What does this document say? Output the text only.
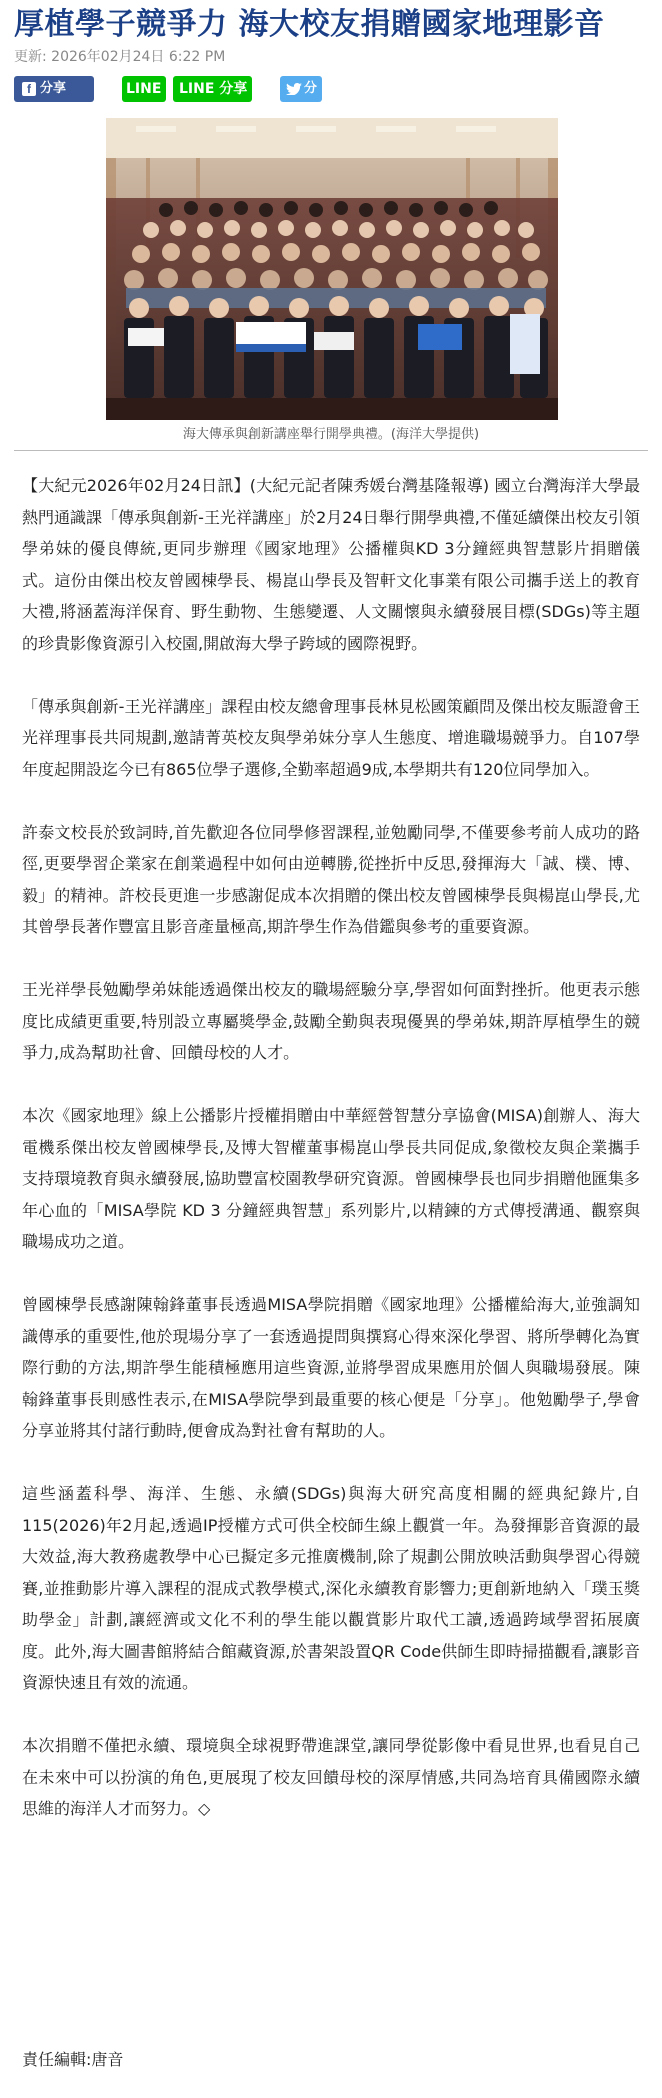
厚植學子競爭力 海大校友捐贈國家地理影音
更新: 2026年02月24日 6:22 PM
f 分享	LINE LINE 分享	分
海大傳承與創新講座舉行開學典禮。(海洋大學提供)

【大紀元2026年02月24日訊】(大紀元記者陳秀媛台灣基隆報導) 國立台灣海洋大學最熱門通識課「傳承與創新-王光祥講座」於2月24日舉行開學典禮,不僅延續傑出校友引領學弟妹的優良傳統,更同步辦理《國家地理》公播權與KD 3分鐘經典智慧影片捐贈儀式。這份由傑出校友曾國棟學長、楊崑山學長及智軒文化事業有限公司攜手送上的教育大禮,將涵蓋海洋保育、野生動物、生態變遷、人文關懷與永續發展目標(SDGs)等主題的珍貴影像資源引入校園,開啟海大學子跨域的國際視野。

「傳承與創新-王光祥講座」課程由校友總會理事長林見松國策顧問及傑出校友賑證會王光祥理事長共同規劃,邀請菁英校友與學弟妹分享人生態度、增進職場競爭力。自107學年度起開設迄今已有865位學子選修,全勤率超過9成,本學期共有120位同學加入。

許泰文校長於致詞時,首先歡迎各位同學修習課程,並勉勵同學,不僅要參考前人成功的路徑,更要學習企業家在創業過程中如何由逆轉勝,從挫折中反思,發揮海大「誠、樸、博、毅」的精神。許校長更進一步感謝促成本次捐贈的傑出校友曾國棟學長與楊崑山學長,尤其曾學長著作豐富且影音產量極高,期許學生作為借鑑與參考的重要資源。

王光祥學長勉勵學弟妹能透過傑出校友的職場經驗分享,學習如何面對挫折。他更表示態度比成績更重要,特別設立專屬獎學金,鼓勵全勤與表現優異的學弟妹,期許厚植學生的競爭力,成為幫助社會、回饋母校的人才。

本次《國家地理》線上公播影片授權捐贈由中華經營智慧分享協會(MISA)創辦人、海大電機系傑出校友曾國棟學長,及博大智權董事楊崑山學長共同促成,象徵校友與企業攜手支持環境教育與永續發展,協助豐富校園教學研究資源。曾國棟學長也同步捐贈他匯集多年心血的「MISA學院 KD 3 分鐘經典智慧」系列影片,以精鍊的方式傳授溝通、觀察與職場成功之道。

曾國棟學長感謝陳翰鋒董事長透過MISA學院捐贈《國家地理》公播權給海大,並強調知識傳承的重要性,他於現場分享了一套透過提問與撰寫心得來深化學習、將所學轉化為實際行動的方法,期許學生能積極應用這些資源,並將學習成果應用於個人與職場發展。陳翰鋒董事長則感性表示,在MISA學院學到最重要的核心便是「分享」。他勉勵學子,學會分享並將其付諸行動時,便會成為對社會有幫助的人。

這些涵蓋科學、海洋、生態、永續(SDGs)與海大研究高度相關的經典紀錄片,自115(2026)年2月起,透過IP授權方式可供全校師生線上觀賞一年。為發揮影音資源的最大效益,海大教務處教學中心已擬定多元推廣機制,除了規劃公開放映活動與學習心得競賽,並推動影片導入課程的混成式教學模式,深化永續教育影響力;更創新地納入「璞玉獎助學金」計劃,讓經濟或文化不利的學生能以觀賞影片取代工讀,透過跨域學習拓展廣度。此外,海大圖書館將結合館藏資源,於書架設置QR Code供師生即時掃描觀看,讓影音資源快速且有效的流通。

本次捐贈不僅把永續、環境與全球視野帶進課堂,讓同學從影像中看見世界,也看見自己在未來中可以扮演的角色,更展現了校友回饋母校的深厚情感,共同為培育具備國際永續思維的海洋人才而努力。◇

責任編輯:唐音
